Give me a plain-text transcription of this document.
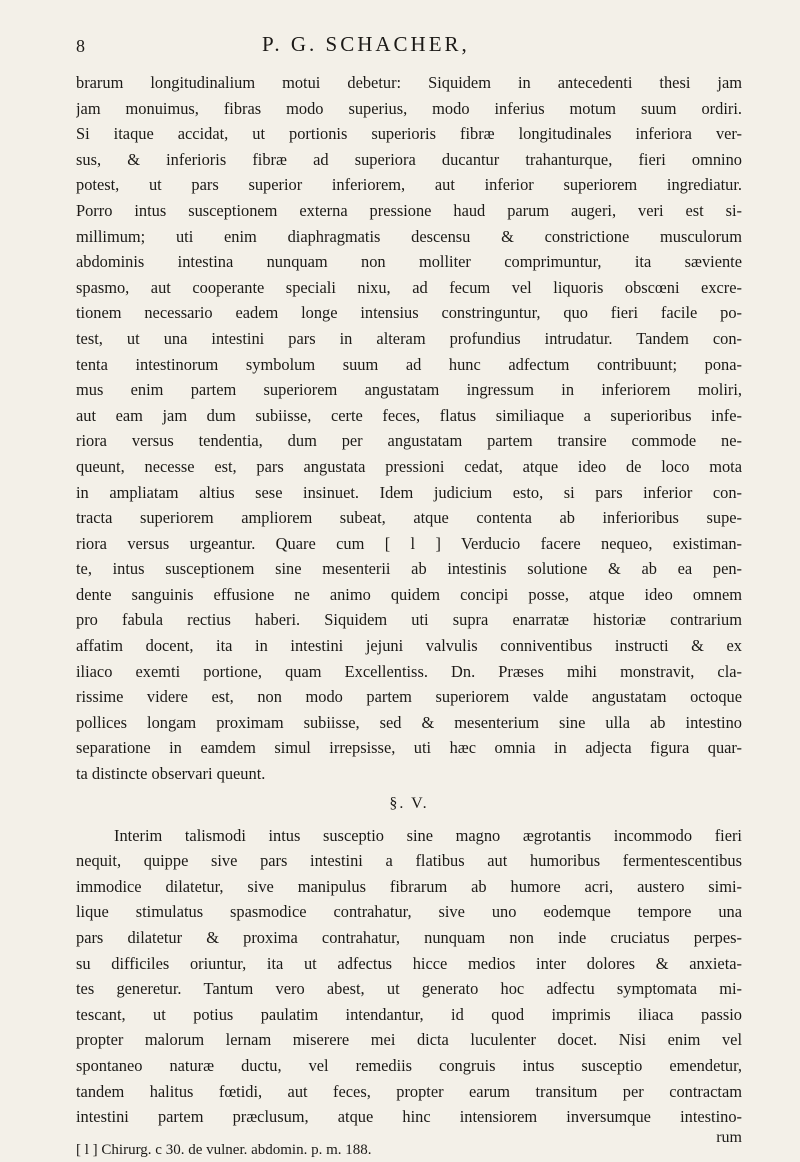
8	P. G. SCHACHER,
brarum longitudinalium motui debetur: Siquidem in antecedenti thesi jam
jam monuimus, fibras modo superius, modo inferius motum suum ordiri.
Si itaque accidat, ut portionis superioris fibræ longitudinales inferiora ver-
sus, & inferioris fibræ ad superiora ducantur trahanturque, fieri omnino
potest, ut pars superior inferiorem, aut inferior superiorem ingrediatur.
Porro intus susceptionem externa pressione haud parum augeri, veri est si-
millimum; uti enim diaphragmatis descensu & constrictione musculorum
abdominis intestina nunquam non molliter comprimuntur, ita sæviente
spasmo, aut cooperante speciali nixu, ad fecum vel liquoris obscœni excre-
tionem necessario eadem longe intensius constringuntur, quo fieri facile po-
test, ut una intestini pars in alteram profundius intrudatur. Tandem con-
tenta intestinorum symbolum suum ad hunc adfectum contribuunt; pona-
mus enim partem superiorem angustatam ingressum in inferiorem moliri,
aut eam jam dum subiisse, certe feces, flatus similiaque a superioribus infe-
riora versus tendentia, dum per angustatam partem transire commode ne-
queunt, necesse est, pars angustata pressioni cedat, atque ideo de loco mota
in ampliatam altius sese insinuet. Idem judicium esto, si pars inferior con-
tracta superiorem ampliorem subeat, atque contenta ab inferioribus supe-
riora versus urgeantur. Quare cum [ l ] Verducio facere nequeo, existiman-
te, intus susceptionem sine mesenterii ab intestinis solutione & ab ea pen-
dente sanguinis effusione ne animo quidem concipi posse, atque ideo omnem
pro fabula rectius haberi. Siquidem uti supra enarratæ historiæ contrarium
affatim docent, ita in intestini jejuni valvulis conniventibus instructi & ex
iliaco exemti portione, quam Excellentiss. Dn. Præses mihi monstravit, cla-
rissime videre est, non modo partem superiorem valde angustatam octoque
pollices longam proximam subiisse, sed & mesenterium sine ulla ab intestino
separatione in eamdem simul irrepsisse, uti hæc omnia in adjecta figura quar-
ta distincte observari queunt.
§. V.
Interim talismodi intus susceptio sine magno ægrotantis incommodo fieri
nequit, quippe sive pars intestini a flatibus aut humoribus fermentescentibus
immodice dilatetur, sive manipulus fibrarum ab humore acri, austero simi-
lique stimulatus spasmodice contrahatur, sive uno eodemque tempore una
pars dilatetur & proxima contrahatur, nunquam non inde cruciatus perpes-
su difficiles oriuntur, ita ut adfectus hicce medios inter dolores & anxieta-
tes generetur. Tantum vero abest, ut generato hoc adfectu symptomata mi-
tescant, ut potius paulatim intendantur, id quod imprimis iliaca passio
propter malorum lernam miserere mei dicta luculenter docet. Nisi enim vel
spontaneo naturæ ductu, vel remediis congruis intus susceptio emendetur,
tandem halitus fœtidi, aut feces, propter earum transitum per contractam
intestini partem præclusum, atque hinc intensiorem inversumque intestino-
rum
[ l ] Chirurg. c 30. de vulner. abdomin. p. m. 188.
